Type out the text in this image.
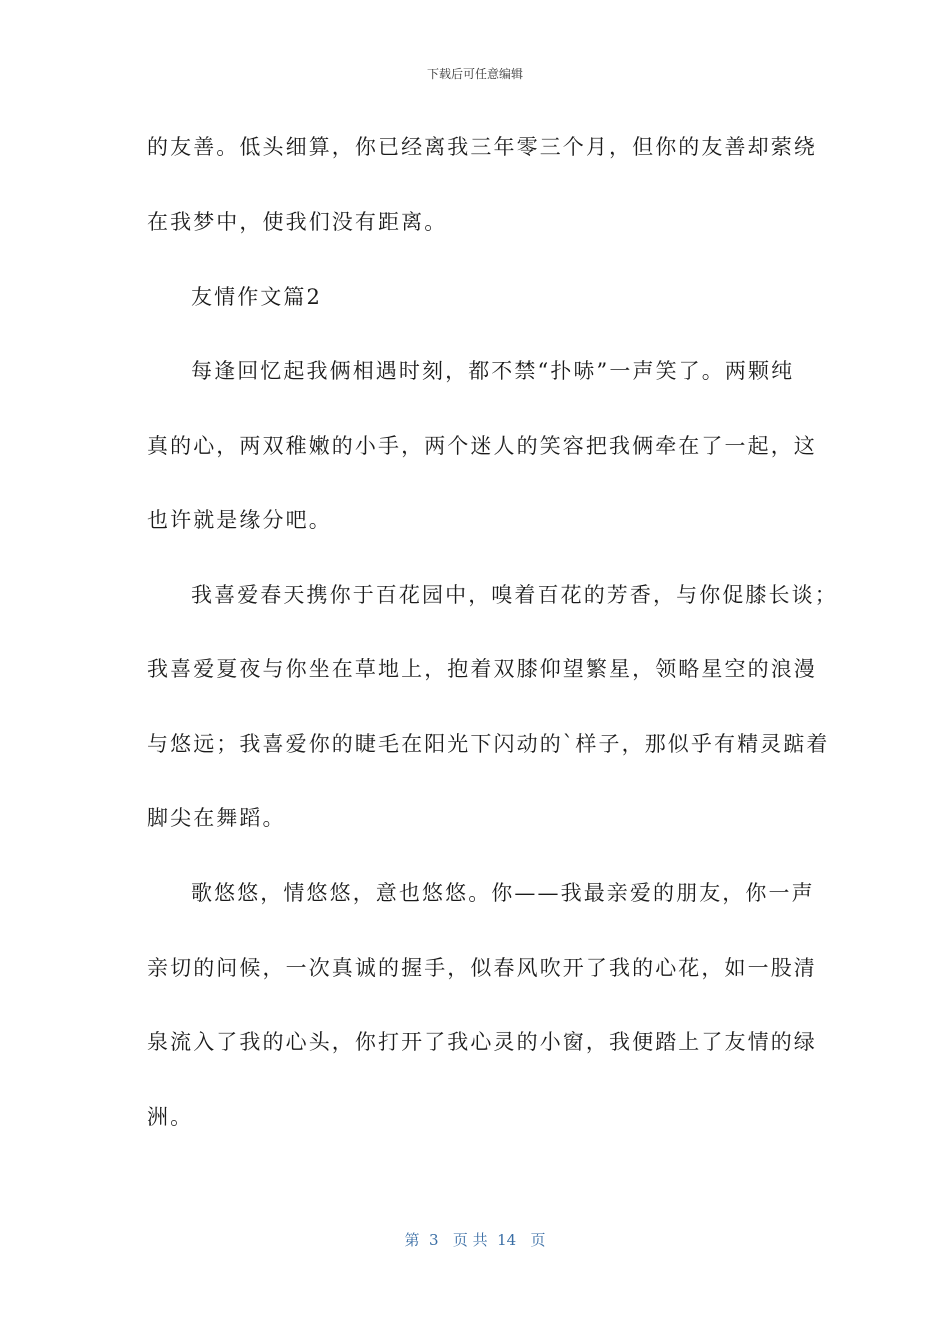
下载后可任意编辑
的友善。低头细算，你已经离我三年零三个月，但你的友善却萦绕
在我梦中，使我们没有距离。
友情作文篇2
每逢回忆起我俩相遇时刻，都不禁“扑哧”一声笑了。两颗纯
真的心，两双稚嫩的小手，两个迷人的笑容把我俩牵在了一起，这
也许就是缘分吧。
我喜爱春天携你于百花园中，嗅着百花的芳香，与你促膝长谈；
我喜爱夏夜与你坐在草地上，抱着双膝仰望繁星，领略星空的浪漫
与悠远；我喜爱你的睫毛在阳光下闪动的`样子，那似乎有精灵踮着
脚尖在舞蹈。
歌悠悠，情悠悠，意也悠悠。你——我最亲爱的朋友，你一声
亲切的问候，一次真诚的握手，似春风吹开了我的心花，如一股清
泉流入了我的心头，你打开了我心灵的小窗，我便踏上了友情的绿
洲。
第  3   页 共  14   页
